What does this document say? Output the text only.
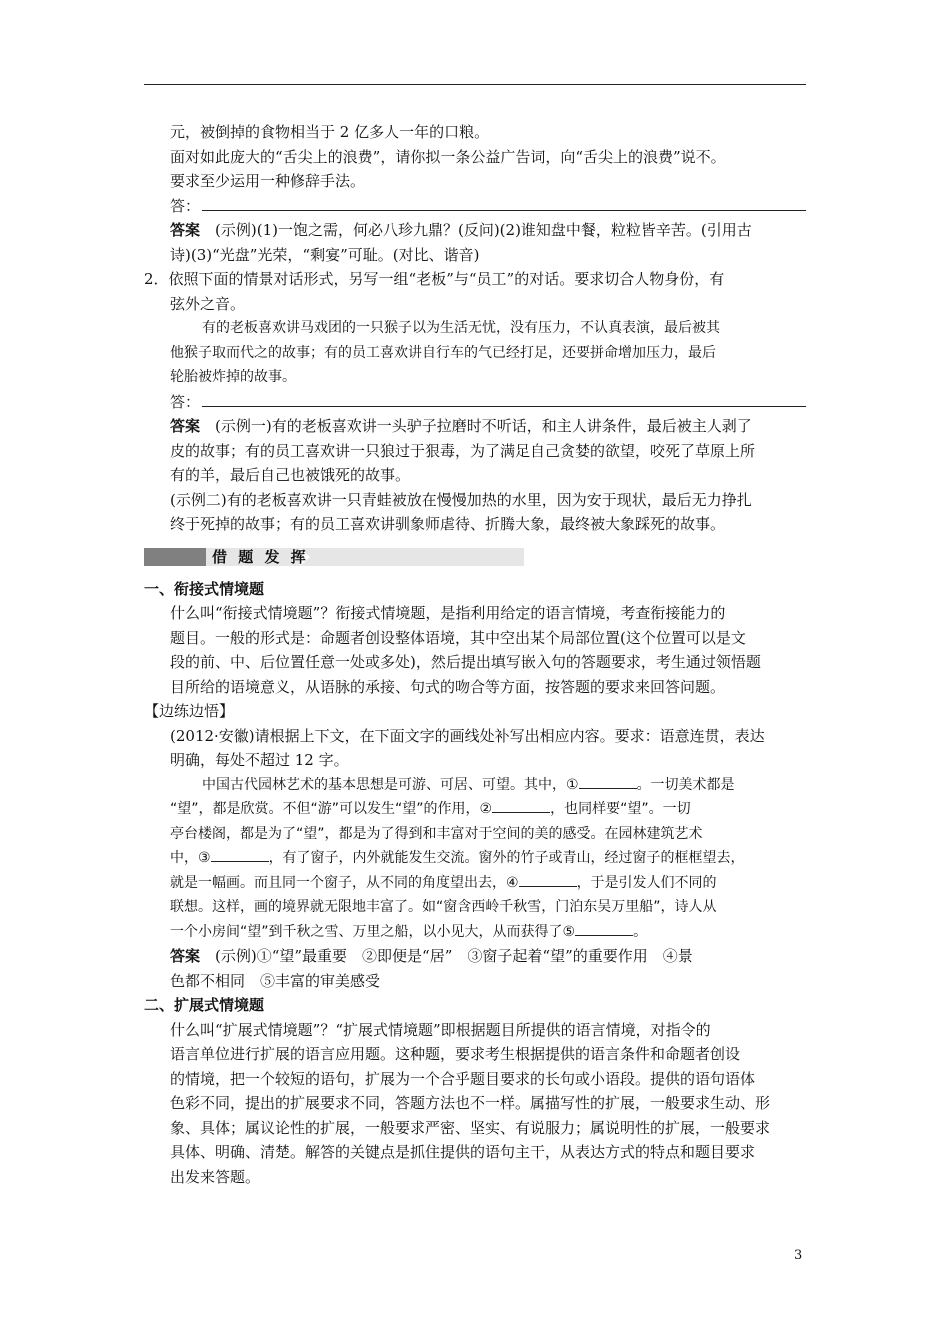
元，被倒掉的食物相当于 2 亿多人一年的口粮。
面对如此庞大的“舌尖上的浪费”，请你拟一条公益广告词，向“舌尖上的浪费”说不。
要求至少运用一种修辞手法。
答：
答案　(示例)(1)一饱之需，何必八珍九鼎？(反问)(2)谁知盘中餐，粒粒皆辛苦。(引用古
诗)(3)“光盘”光荣，“剩宴”可耻。(对比、谐音)
2．依照下面的情景对话形式，另写一组“老板”与“员工”的对话。要求切合人物身份，有
弦外之音。
有的老板喜欢讲马戏团的一只猴子以为生活无忧，没有压力，不认真表演，最后被其
他猴子取而代之的故事；有的员工喜欢讲自行车的气已经打足，还要拼命增加压力，最后
轮胎被炸掉的故事。
答：
答案　(示例一)有的老板喜欢讲一头驴子拉磨时不听话，和主人讲条件，最后被主人剥了
皮的故事；有的员工喜欢讲一只狼过于狠毒，为了满足自己贪婪的欲望，咬死了草原上所
有的羊，最后自己也被饿死的故事。
(示例二)有的老板喜欢讲一只青蛙被放在慢慢加热的水里，因为安于现状，最后无力挣扎
终于死掉的故事；有的员工喜欢讲驯象师虐待、折腾大象，最终被大象踩死的故事。
借 题 发 挥
一、衔接式情境题
什么叫“衔接式情境题”？衔接式情境题，是指利用给定的语言情境，考查衔接能力的
题目。一般的形式是：命题者创设整体语境，其中空出某个局部位置(这个位置可以是文
段的前、中、后位置任意一处或多处)，然后提出填写嵌入句的答题要求，考生通过领悟题
目所给的语境意义，从语脉的承接、句式的吻合等方面，按答题的要求来回答问题。
【边练边悟】
(2012·安徽)请根据上下文，在下面文字的画线处补写出相应内容。要求：语意连贯，表达
明确，每处不超过 12 字。
中国古代园林艺术的基本思想是可游、可居、可望。其中，①	。一切美术都是
“望”，都是欣赏。不但“游”可以发生“望”的作用，②	，也同样要“望”。一切
亭台楼阁，都是为了“望”，都是为了得到和丰富对于空间的美的感受。在园林建筑艺术
中，③	，有了窗子，内外就能发生交流。窗外的竹子或青山，经过窗子的框框望去，
就是一幅画。而且同一个窗子，从不同的角度望出去，④	，于是引发人们不同的
联想。这样，画的境界就无限地丰富了。如“窗含西岭千秋雪，门泊东吴万里船”，诗人从
一个小房间“望”到千秋之雪、万里之船，以小见大，从而获得了⑤	。
答案　(示例)①“望”最重要　②即便是“居”　③窗子起着“望”的重要作用　④景
色都不相同　⑤丰富的审美感受
二、扩展式情境题
什么叫“扩展式情境题”？“扩展式情境题”即根据题目所提供的语言情境，对指令的
语言单位进行扩展的语言应用题。这种题，要求考生根据提供的语言条件和命题者创设
的情境，把一个较短的语句，扩展为一个合乎题目要求的长句或小语段。提供的语句语体
色彩不同，提出的扩展要求不同，答题方法也不一样。属描写性的扩展，一般要求生动、形
象、具体；属议论性的扩展，一般要求严密、坚实、有说服力；属说明性的扩展，一般要求
具体、明确、清楚。解答的关键点是抓住提供的语句主干，从表达方式的特点和题目要求
出发来答题。
3
